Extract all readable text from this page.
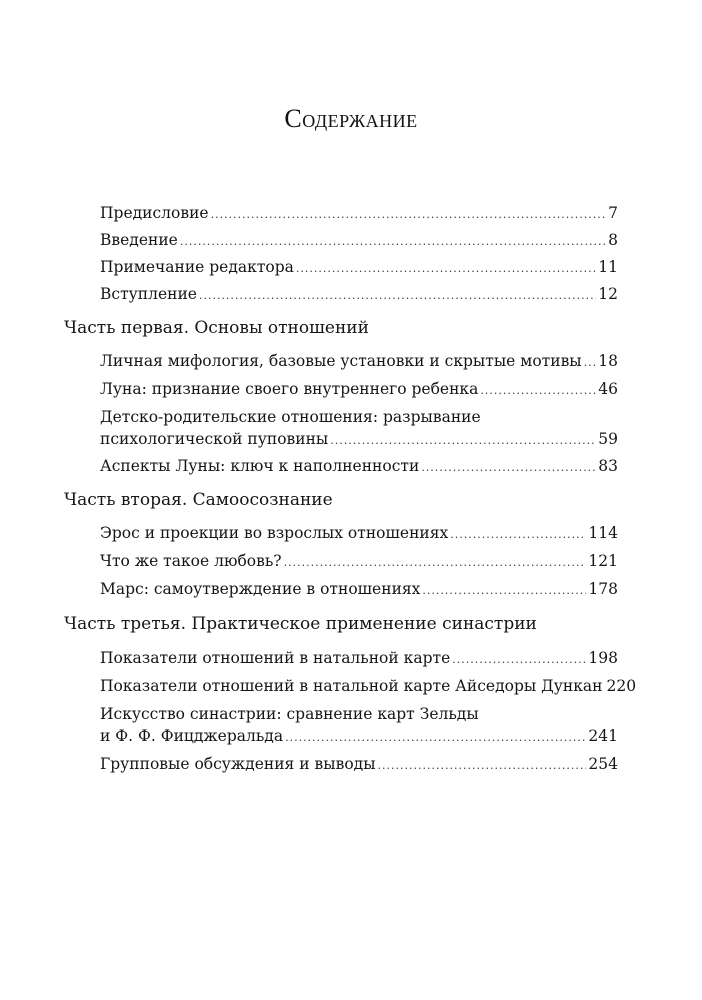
Содержание
Предисловие .....	7
Введение .....	8
Примечание редактора .....	11
Вступление .....	12
Часть первая. Основы отношений
Личная мифология, базовые установки и скрытые мотивы ..... 18
Луна: признание своего внутреннего ребенка .....	46
Детско-родительские отношения: разрывание
психологической пуповины .....	59
Аспекты Луны: ключ к наполненности .....	83
Часть вторая. Самоосознание
Эрос и проекции во взрослых отношениях .....	114
Что же такое любовь? .....	121
Марс: самоутверждение в отношениях .....	178
Часть третья. Практическое применение синастрии
Показатели отношений в натальной карте .....	198
Показатели отношений в натальной карте Айседоры Дункан 220
Искусство синастрии: сравнение карт Зельды
и Ф. Ф. Фицджеральда .....	241
Групповые обсуждения и выводы .....	254
